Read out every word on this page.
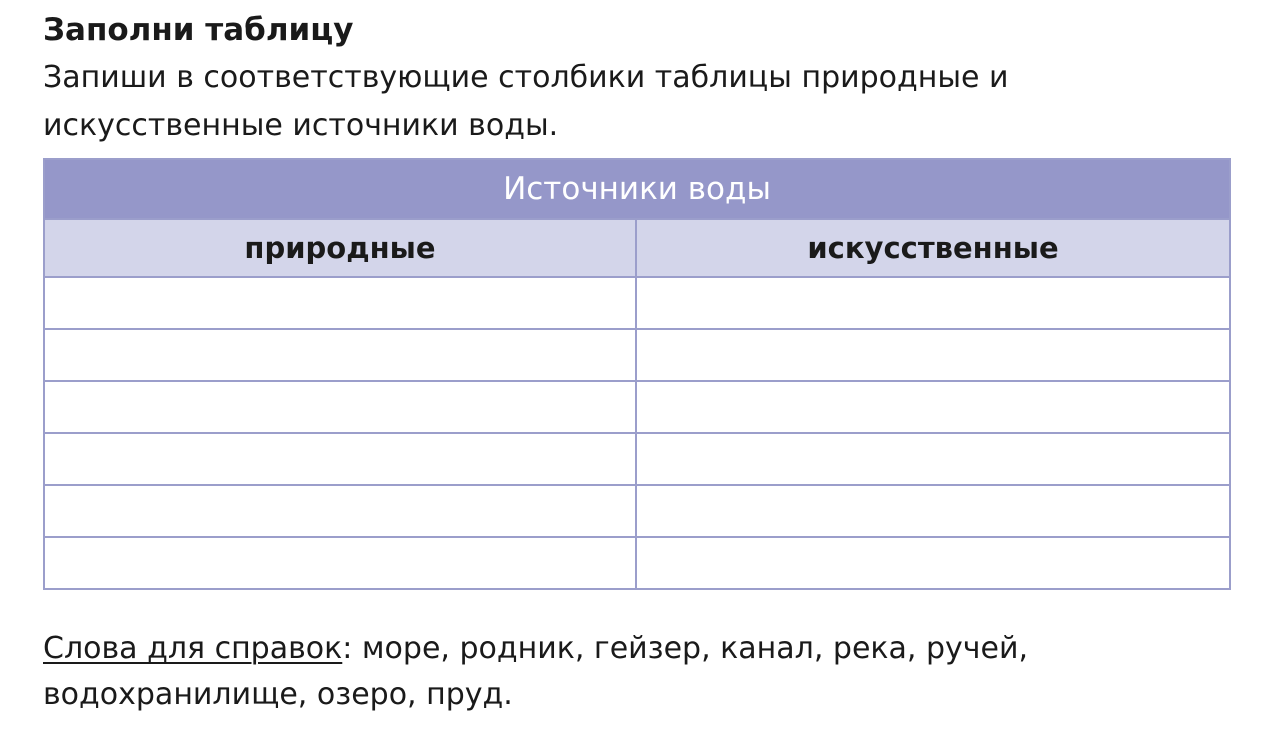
Заполни таблицу
Запиши в соответствующие столбики таблицы природные и искусственные источники воды.
Источники воды	
природные	искусственные

Слова для справок: море, родник, гейзер, канал, река, ручей, водохранилище, озеро, пруд.
